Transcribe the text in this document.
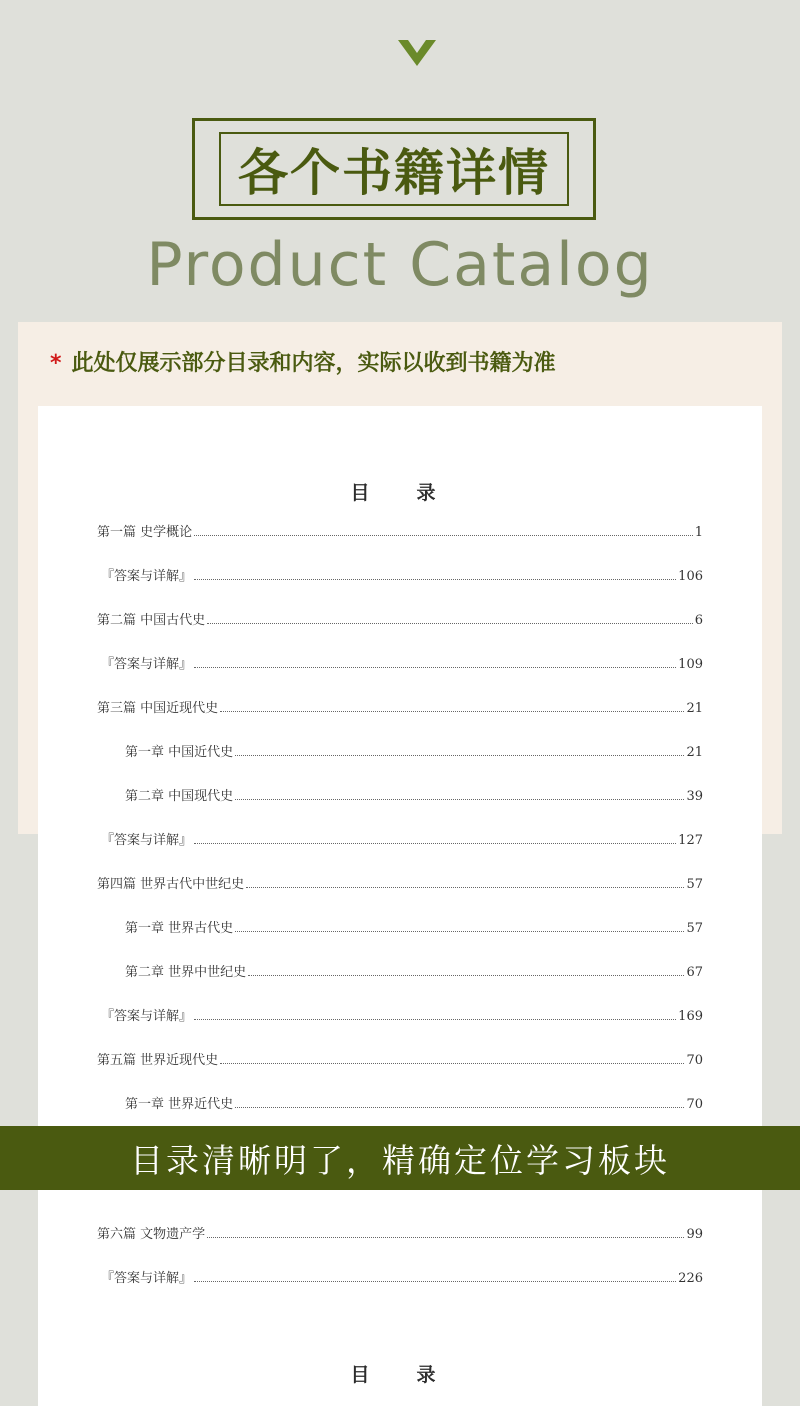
各个书籍详情
Product Catalog
* 此处仅展示部分目录和内容，实际以收到书籍为准
目　录
第一篇 史学概论	1
『答案与详解』	106
第二篇 中国古代史	6
『答案与详解』	109
第三篇 中国近现代史	21
第一章 中国近代史	21
第二章 中国现代史	39
『答案与详解』	127
第四篇 世界古代中世纪史	57
第一章 世界古代史	57
第二章 世界中世纪史	67
『答案与详解』	169
第五篇 世界近现代史	70
第一章 世界近代史	70
第六篇 文物遗产学	99
『答案与详解』	226
目　录
目录清晰明了，精确定位学习板块
